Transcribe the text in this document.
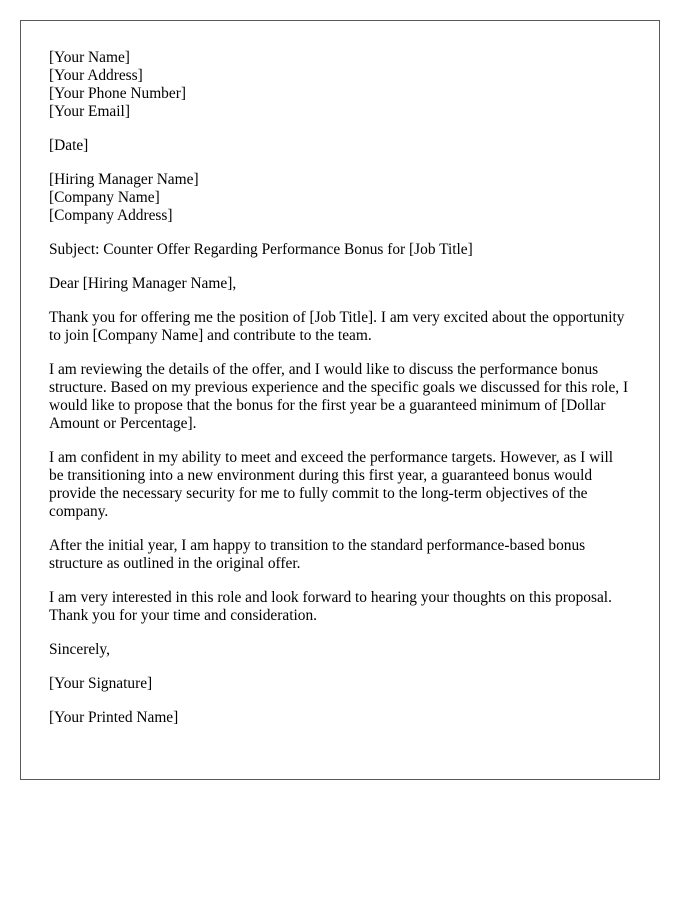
[Your Name]
[Your Address]
[Your Phone Number]
[Your Email]
[Date]
[Hiring Manager Name]
[Company Name]
[Company Address]

Subject: Counter Offer Regarding Performance Bonus for [Job Title]

Dear [Hiring Manager Name],

Thank you for offering me the position of [Job Title]. I am very excited about the opportunity to join [Company Name] and contribute to the team.

I am reviewing the details of the offer, and I would like to discuss the performance bonus structure. Based on my previous experience and the specific goals we discussed for this role, I would like to propose that the bonus for the first year be a guaranteed minimum of [Dollar Amount or Percentage].

I am confident in my ability to meet and exceed the performance targets. However, as I will be transitioning into a new environment during this first year, a guaranteed bonus would provide the necessary security for me to fully commit to the long-term objectives of the company.

After the initial year, I am happy to transition to the standard performance-based bonus structure as outlined in the original offer.

I am very interested in this role and look forward to hearing your thoughts on this proposal. Thank you for your time and consideration.

Sincerely,

[Your Signature]

[Your Printed Name]
